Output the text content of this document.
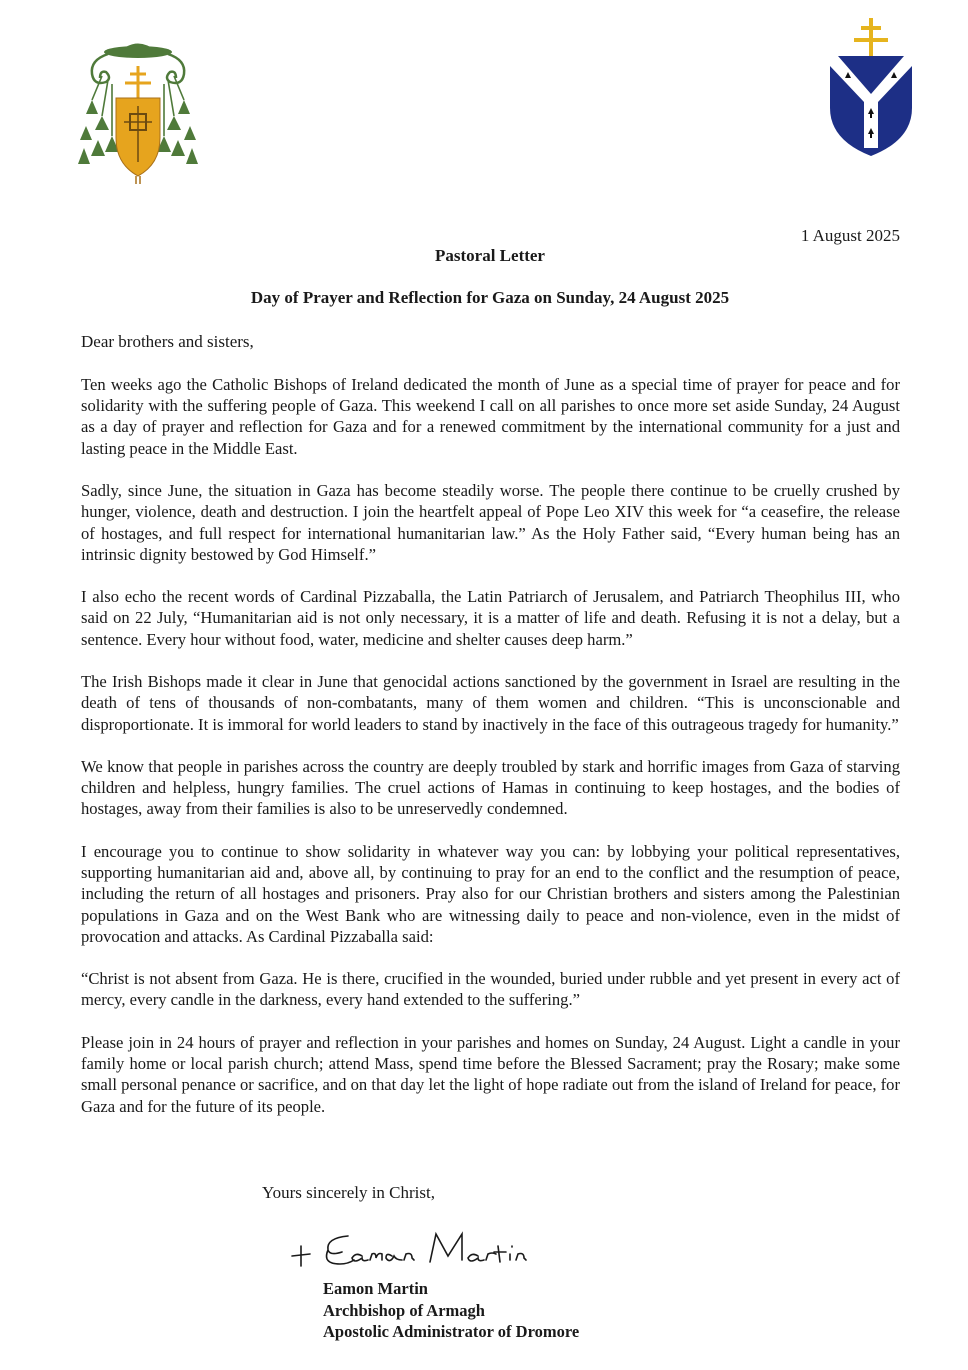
1 August 2025
Pastoral Letter
Day of Prayer and Reflection for Gaza on Sunday, 24 August 2025
Dear brothers and sisters,

Ten weeks ago the Catholic Bishops of Ireland dedicated the month of June as a special time of prayer for peace and for solidarity with the suffering people of Gaza. This weekend I call on all parishes to once more set aside Sunday, 24 August as a day of prayer and reflection for Gaza and for a renewed commitment by the international community for a just and lasting peace in the Middle East.

Sadly, since June, the situation in Gaza has become steadily worse. The people there continue to be cruelly crushed by hunger, violence, death and destruction. I join the heartfelt appeal of Pope Leo XIV this week for “a ceasefire, the release of hostages, and full respect for international humanitarian law.” As the Holy Father said, “Every human being has an intrinsic dignity bestowed by God Himself.”

I also echo the recent words of Cardinal Pizzaballa, the Latin Patriarch of Jerusalem, and Patriarch Theophilus III, who said on 22 July, “Humanitarian aid is not only necessary, it is a matter of life and death. Refusing it is not a delay, but a sentence. Every hour without food, water, medicine and shelter causes deep harm.”

The Irish Bishops made it clear in June that genocidal actions sanctioned by the government in Israel are resulting in the death of tens of thousands of non-combatants, many of them women and children. “This is unconscionable and disproportionate. It is immoral for world leaders to stand by inactively in the face of this outrageous tragedy for humanity.”

We know that people in parishes across the country are deeply troubled by stark and horrific images from Gaza of starving children and helpless, hungry families. The cruel actions of Hamas in continuing to keep hostages, and the bodies of hostages, away from their families is also to be unreservedly condemned.

I encourage you to continue to show solidarity in whatever way you can: by lobbying your political representatives, supporting humanitarian aid and, above all, by continuing to pray for an end to the conflict and the resumption of peace, including the return of all hostages and prisoners. Pray also for our Christian brothers and sisters among the Palestinian populations in Gaza and on the West Bank who are witnessing daily to peace and non-violence, even in the midst of provocation and attacks. As Cardinal Pizzaballa said:

“Christ is not absent from Gaza. He is there, crucified in the wounded, buried under rubble and yet present in every act of mercy, every candle in the darkness, every hand extended to the suffering.”

Please join in 24 hours of prayer and reflection in your parishes and homes on Sunday, 24 August. Light a candle in your family home or local parish church; attend Mass, spend time before the Blessed Sacrament; pray the Rosary; make some small personal penance or sacrifice, and on that day let the light of hope radiate out from the island of Ireland for peace, for Gaza and for the future of its people.

Yours sincerely in Christ,
Eamon Martin
Archbishop of Armagh
Apostolic Administrator of Dromore
